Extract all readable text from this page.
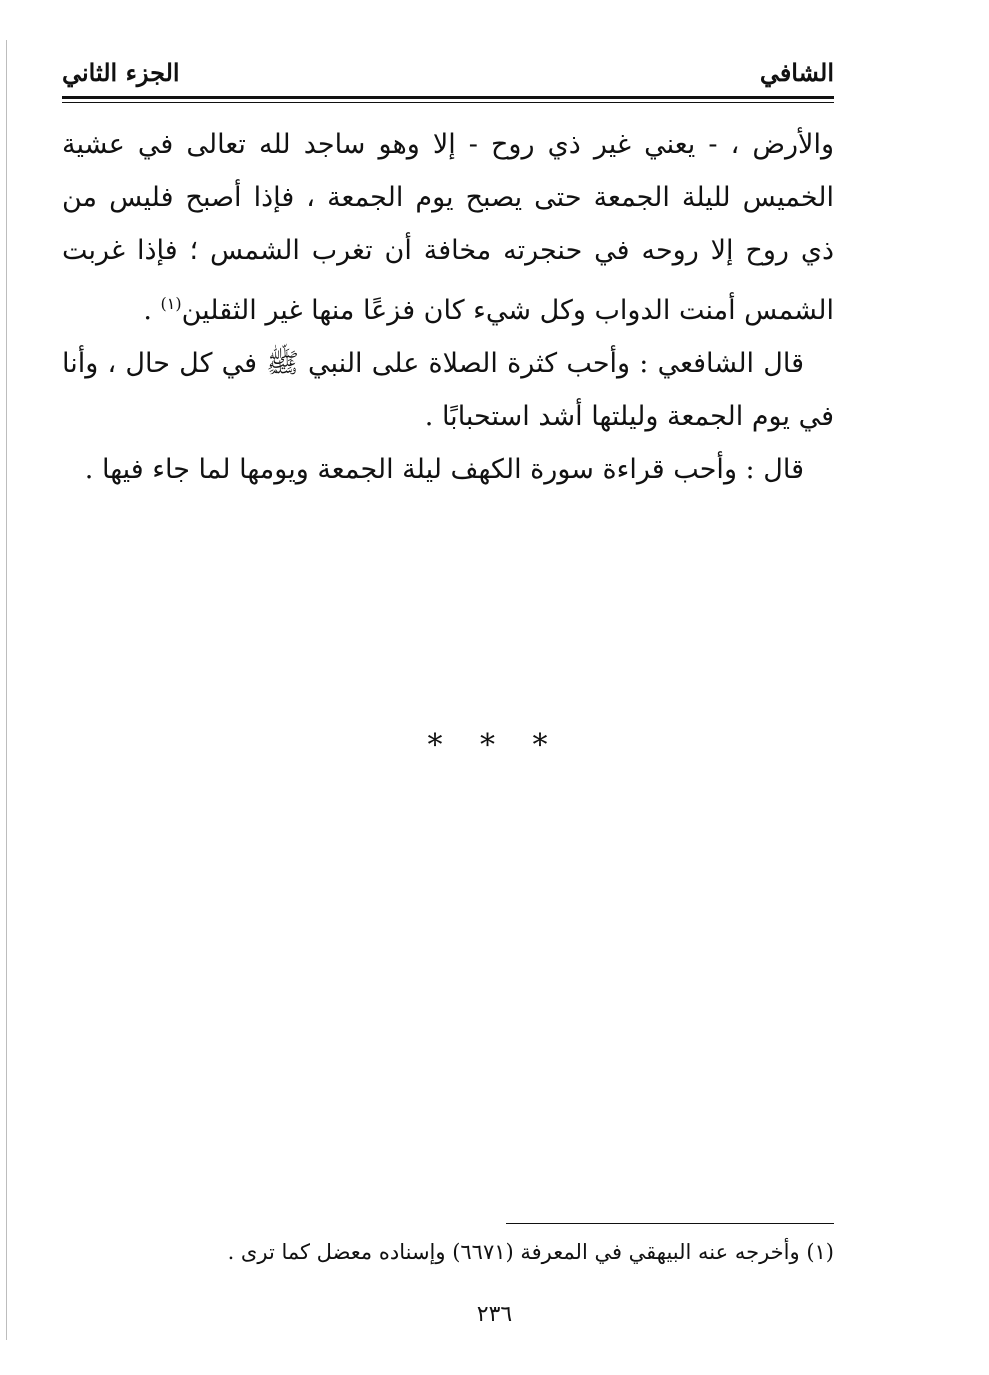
الشافي
الجزء الثاني

والأرض ، - يعني غير ذي روح - إلا وهو ساجد لله تعالى في عشية الخميس لليلة الجمعة حتى يصبح يوم الجمعة ، فإذا أصبح فليس من ذي روح إلا روحه في حنجرته مخافة أن تغرب الشمس ؛ فإذا غربت الشمس أمنت الدواب وكل شيء كان فزعًا منها غير الثقلين$^{(١)}$ .

قال الشافعي : وأحب كثرة الصلاة على النبي ﷺ في كل حال ، وأنا في يوم الجمعة وليلتها أشد استحبابًا .

قال : وأحب قراءة سورة الكهف ليلة الجمعة ويومها لما جاء فيها .

* * *
(١) وأخرجه عنه البيهقي في المعرفة (٦٦٧١) وإسناده معضل كما ترى .
٢٣٦
